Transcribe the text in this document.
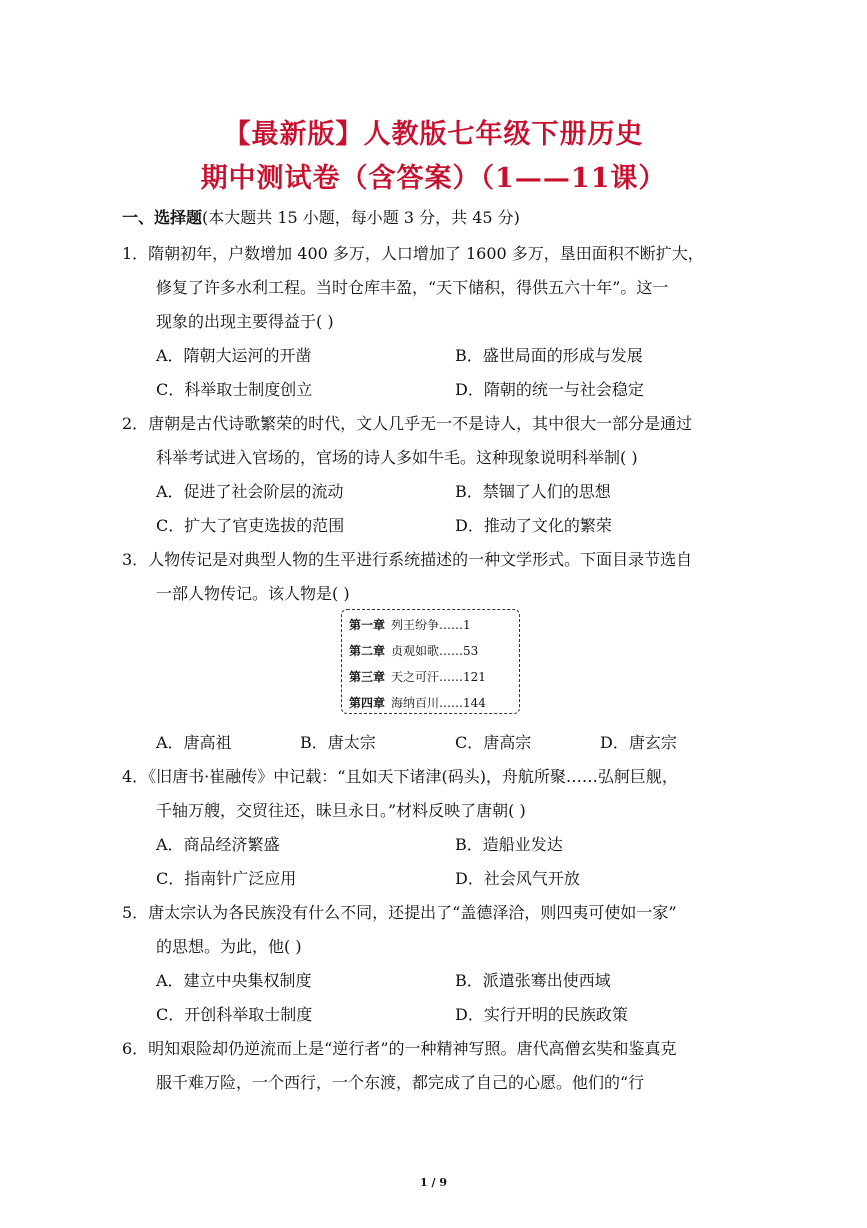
【最新版】人教版七年级下册历史
期中测试卷（含答案）（1——11课）
一、选择题(本大题共 15 小题，每小题 3 分，共 45 分)
1．隋朝初年，户数增加 400 多万，人口增加了 1600 多万，垦田面积不断扩大，
修复了许多水利工程。当时仓库丰盈，“天下储积，得供五六十年”。这一
现象的出现主要得益于( )
A．隋朝大运河的开凿	B．盛世局面的形成与发展
C．科举取士制度创立	D．隋朝的统一与社会稳定
2．唐朝是古代诗歌繁荣的时代，文人几乎无一不是诗人，其中很大一部分是通过
科举考试进入官场的，官场的诗人多如牛毛。这种现象说明科举制( )
A．促进了社会阶层的流动	B．禁锢了人们的思想
C．扩大了官吏选拔的范围	D．推动了文化的繁荣
3．人物传记是对典型人物的生平进行系统描述的一种文学形式。下面目录节选自
一部人物传记。该人物是( )
第一章 列王纷争……1
第二章 贞观如歌……53
第三章 天之可汗……121
第四章 海纳百川……144
A．唐高祖	B．唐太宗	C．唐高宗	D．唐玄宗
4．《旧唐书·崔融传》中记载：“且如天下诸津(码头)，舟航所聚……弘舸巨舰，
千轴万艘，交贸往还，昧旦永日。”材料反映了唐朝( )
A．商品经济繁盛	B．造船业发达
C．指南针广泛应用	D．社会风气开放
5．唐太宗认为各民族没有什么不同，还提出了“盖德泽洽，则四夷可使如一家”
的思想。为此，他( )
A．建立中央集权制度	B．派遣张骞出使西域
C．开创科举取士制度	D．实行开明的民族政策
6．明知艰险却仍逆流而上是“逆行者”的一种精神写照。唐代高僧玄奘和鉴真克
服千难万险，一个西行，一个东渡，都完成了自己的心愿。他们的“行
1 / 9
